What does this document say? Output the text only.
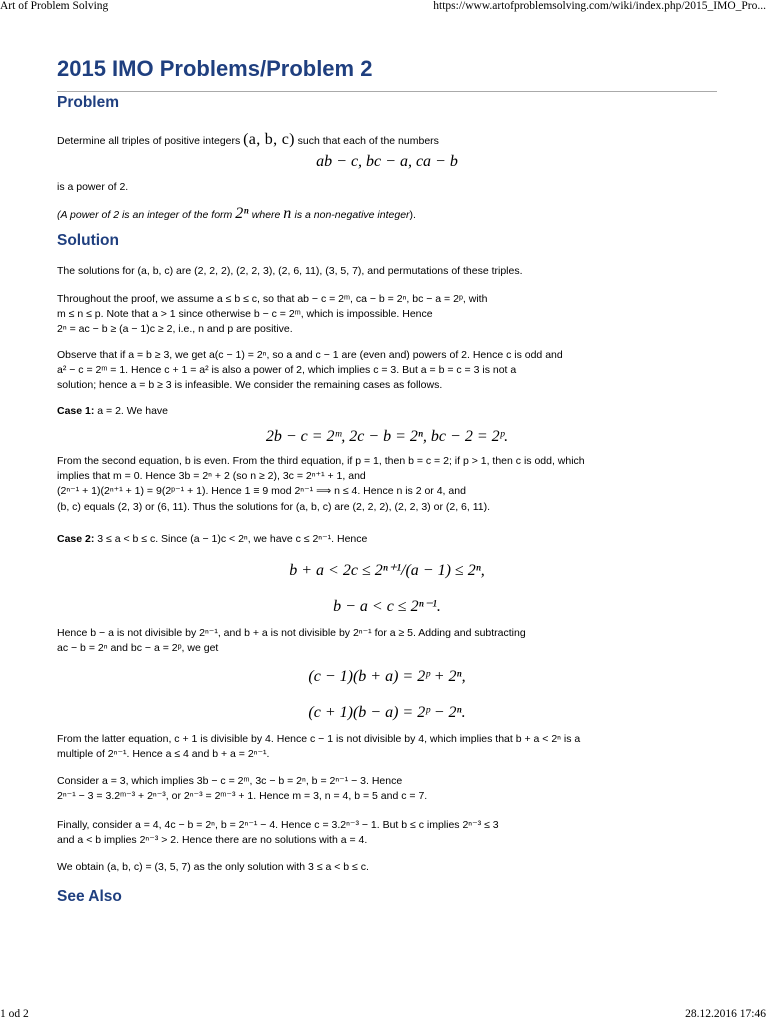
Art of Problem Solving	https://www.artofproblemsolving.com/wiki/index.php/2015_IMO_Pro...
2015 IMO Problems/Problem 2
Problem
Determine all triples of positive integers (a, b, c) such that each of the numbers
ab − c, bc − a, ca − b
is a power of 2.
(A power of 2 is an integer of the form 2ⁿ where n is a non-negative integer).
Solution
The solutions for (a, b, c) are (2, 2, 2), (2, 2, 3), (2, 6, 11), (3, 5, 7), and permutations of these triples.
Throughout the proof, we assume a ≤ b ≤ c, so that ab − c = 2ᵐ, ca − b = 2ⁿ, bc − a = 2ᵖ, with
m ≤ n ≤ p. Note that a > 1 since otherwise b − c = 2ᵐ, which is impossible. Hence
2ⁿ = ac − b ≥ (a − 1)c ≥ 2, i.e., n and p are positive.
Observe that if a = b ≥ 3, we get a(c − 1) = 2ⁿ, so a and c − 1 are (even and) powers of 2. Hence c is odd and
a² − c = 2ᵐ = 1. Hence c + 1 = a² is also a power of 2, which implies c = 3. But a = b = c = 3 is not a
solution; hence a = b ≥ 3 is infeasible. We consider the remaining cases as follows.
Case 1: a = 2. We have
2b − c = 2ᵐ, 2c − b = 2ⁿ, bc − 2 = 2ᵖ.
From the second equation, b is even. From the third equation, if p = 1, then b = c = 2; if p > 1, then c is odd, which
implies that m = 0. Hence 3b = 2ⁿ + 2 (so n ≥ 2), 3c = 2ⁿ⁺¹ + 1, and
(2ⁿ⁻¹ + 1)(2ⁿ⁺¹ + 1) = 9(2ᵖ⁻¹ + 1). Hence 1 ≡ 9 mod 2ⁿ⁻¹ ⟹ n ≤ 4. Hence n is 2 or 4, and
(b, c) equals (2, 3) or (6, 11). Thus the solutions for (a, b, c) are (2, 2, 2), (2, 2, 3) or (2, 6, 11).
Case 2: 3 ≤ a < b ≤ c. Since (a − 1)c < 2ⁿ, we have c ≤ 2ⁿ⁻¹. Hence
b + a < 2c ≤ 2ⁿ⁺¹/(a − 1) ≤ 2ⁿ,
b − a < c ≤ 2ⁿ⁻¹.
Hence b − a is not divisible by 2ⁿ⁻¹, and b + a is not divisible by 2ⁿ⁻¹ for a ≥ 5. Adding and subtracting
ac − b = 2ⁿ and bc − a = 2ᵖ, we get
(c − 1)(b + a) = 2ᵖ + 2ⁿ,
(c + 1)(b − a) = 2ᵖ − 2ⁿ.
From the latter equation, c + 1 is divisible by 4. Hence c − 1 is not divisible by 4, which implies that b + a < 2ⁿ is a
multiple of 2ⁿ⁻¹. Hence a ≤ 4 and b + a = 2ⁿ⁻¹.
Consider a = 3, which implies 3b − c = 2ᵐ, 3c − b = 2ⁿ, b = 2ⁿ⁻¹ − 3. Hence
2ⁿ⁻¹ − 3 = 3.2ᵐ⁻³ + 2ⁿ⁻³, or 2ⁿ⁻³ = 2ᵐ⁻³ + 1. Hence m = 3, n = 4, b = 5 and c = 7.
Finally, consider a = 4, 4c − b = 2ⁿ, b = 2ⁿ⁻¹ − 4. Hence c = 3.2ⁿ⁻³ − 1. But b ≤ c implies 2ⁿ⁻³ ≤ 3
and a < b implies 2ⁿ⁻³ > 2. Hence there are no solutions with a = 4.
We obtain (a, b, c) = (3, 5, 7) as the only solution with 3 ≤ a < b ≤ c.
See Also
1 od 2	28.12.2016 17:46
